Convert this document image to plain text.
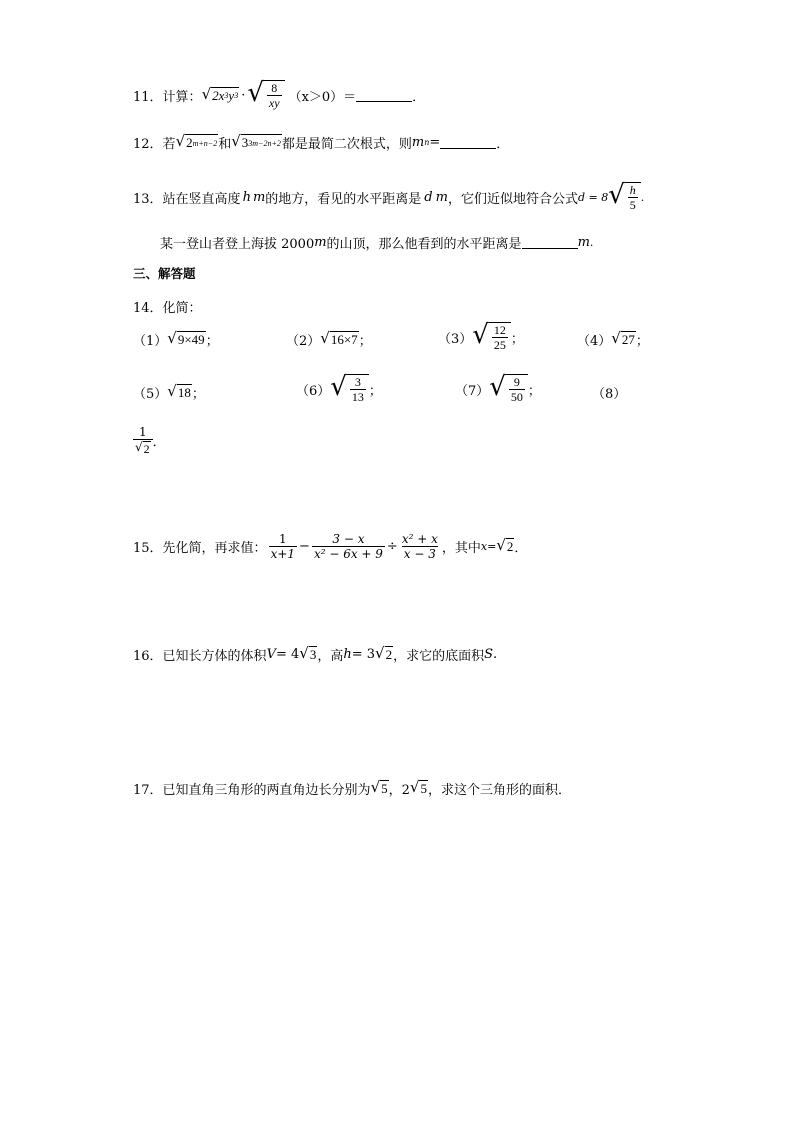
11． 计算： √ 2x 3 y 3 · √ $\frac{8}{xy} (x>0)=$	．
12． 若 √ 2 m+n−2 和 √ 3 3m−2n+2 都是最简二次根式，则 m n =	．
13． 站在竖直高度 h m 的地方，看见的水平距离是 d m ，它们近似地符合公式 d = 8 √ $\frac{h}{5}$ .
某一登山者登上海拔 2000 m 的山顶，那么他看到的水平距离是	m .
三、解答题
14． 化简：
（1） √ 9×49 ；	（2） √ 16×7 ；	（3） √ $\frac{12}{25}$ ；	（4） √ 27 ；
（5） √ 18 ；	（6） √ $\frac{3}{13}$ ；	（7） √ $\frac{9}{50}$ ；	（8）
$\frac{1}{√ 2}$ ．
15． 先化简，再求值： $\frac{1}{x+1} - \frac{3 - x}{\text{x² − 6x + 9}} \div \frac{\text{x² + x}}{x - 3}$ ，其中 x = √ 2 ．
16． 已知长方体的体积 V = 4 √ 3 ，高 h = 3 √ 2 ，求它的底面积 S .
17． 已知直角三角形的两直角边长分别为 √ 5 ，2 √ 5 ，求这个三角形的面积．
